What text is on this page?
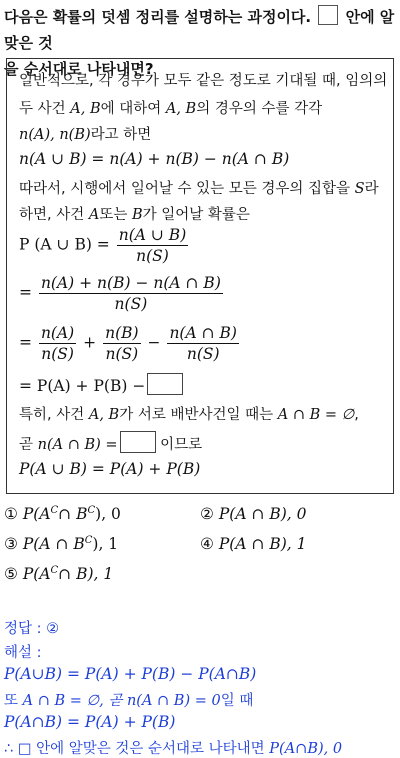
다음은 확률의 덧셈 정리를 설명하는 과정이다. 안에 알맞은 것
을 순서대로 나타내면?
일반적으로, 각 경우가 모두 같은 정도로 기대될 때, 임의의
두 사건 A, B에 대하여 A, B의 경우의 수를 각각
n(A), n(B)라고 하면
n(A ∪ B) = n(A) + n(B) − n(A ∩ B)
따라서, 시행에서 일어날 수 있는 모든 경우의 집합을 S라
하면, 사건 A또는 B가 일어날 확률은
P (A ∪ $B) = \frac{n(A \cup B)}{n(S)}$
= $\frac{n(A) + n(B) - n(A \cap B)}{n(S)}$
= $\frac{n(A)}{n(S)} + \frac{n(B)}{n(S)} - \frac{n(A \cap B)}{n(S)}$
= P(A) + P(B) −
특히, 사건 A, B가 서로 배반사건일 때는 A ∩ B = ∅,
곧 n(A ∩ B) =	이므로
P(A ∪ B) = P(A) + P(B)
① $P(A^C\cap$ $B^C$), 0	② P(A ∩ B), 0
③ P(A ∩ $B^C$), 1	④ P(A ∩ B), 1
⑤ $P(A^C\cap$ B), 1
정답 : ②
해설 :
P(A∪B) = P(A) + P(B) − P(A∩B)
또 A ∩ B = ∅, 곧 n(A ∩ B) = 0일 때
P(A∩B) = P(A) + P(B)
∴ □ 안에 알맞은 것은 순서대로 나타내면 P(A∩B), 0
